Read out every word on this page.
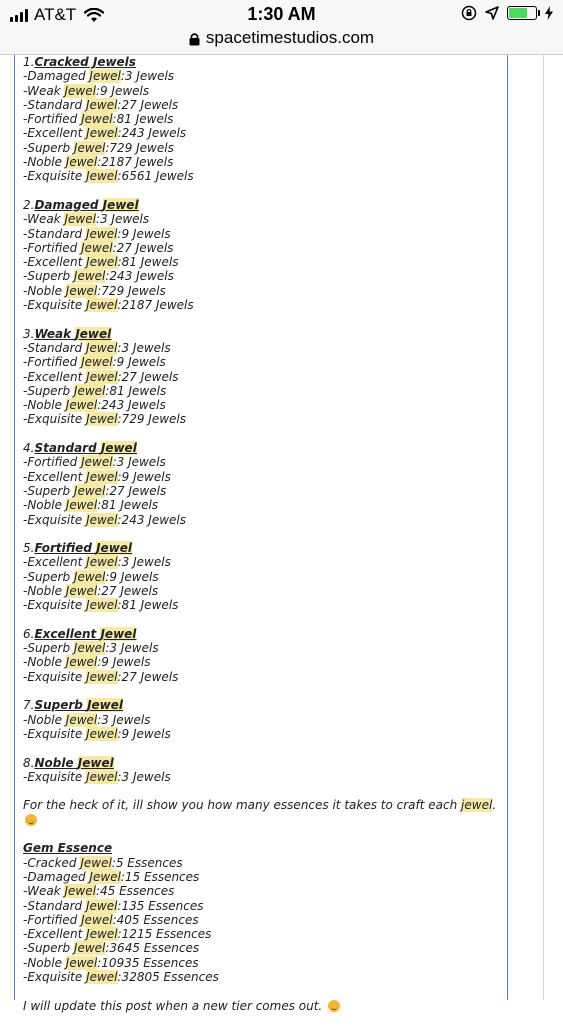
AT&T	1:30 AM
spacetimestudios.com
1.Cracked Jewels
-Damaged Jewel:3 Jewels
-Weak Jewel:9 Jewels
-Standard Jewel:27 Jewels
-Fortified Jewel:81 Jewels
-Excellent Jewel:243 Jewels
-Superb Jewel:729 Jewels
-Noble Jewel:2187 Jewels
-Exquisite Jewel:6561 Jewels
2.Damaged Jewel
-Weak Jewel:3 Jewels
-Standard Jewel:9 Jewels
-Fortified Jewel:27 Jewels
-Excellent Jewel:81 Jewels
-Superb Jewel:243 Jewels
-Noble Jewel:729 Jewels
-Exquisite Jewel:2187 Jewels
3.Weak Jewel
-Standard Jewel:3 Jewels
-Fortified Jewel:9 Jewels
-Excellent Jewel:27 Jewels
-Superb Jewel:81 Jewels
-Noble Jewel:243 Jewels
-Exquisite Jewel:729 Jewels
4.Standard Jewel
-Fortified Jewel:3 Jewels
-Excellent Jewel:9 Jewels
-Superb Jewel:27 Jewels
-Noble Jewel:81 Jewels
-Exquisite Jewel:243 Jewels
5.Fortified Jewel
-Excellent Jewel:3 Jewels
-Superb Jewel:9 Jewels
-Noble Jewel:27 Jewels
-Exquisite Jewel:81 Jewels
6.Excellent Jewel
-Superb Jewel:3 Jewels
-Noble Jewel:9 Jewels
-Exquisite Jewel:27 Jewels
7.Superb Jewel
-Noble Jewel:3 Jewels
-Exquisite Jewel:9 Jewels
8.Noble Jewel
-Exquisite Jewel:3 Jewels
For the heck of it, ill show you how many essences it takes to craft each jewel.
Gem Essence
-Cracked Jewel:5 Essences
-Damaged Jewel:15 Essences
-Weak Jewel:45 Essences
-Standard Jewel:135 Essences
-Fortified Jewel:405 Essences
-Excellent Jewel:1215 Essences
-Superb Jewel:3645 Essences
-Noble Jewel:10935 Essences
-Exquisite Jewel:32805 Essences
I will update this post when a new tier comes out.
